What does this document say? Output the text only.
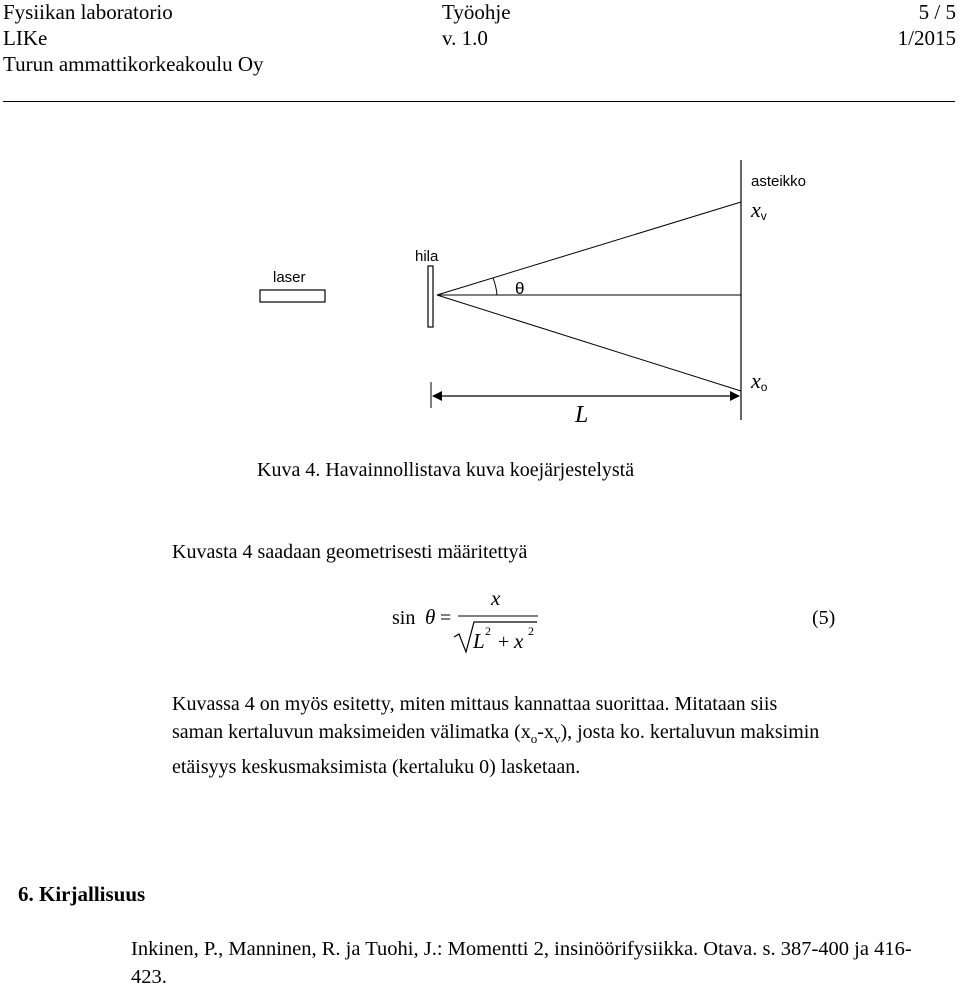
Fysiikan laboratorio
LIKe
Turun ammattikorkeakoulu Oy
Työohje
v. 1.0
5 / 5
1/2015
laser
hila
θ
asteikko
xv
xo
L
Kuva 4. Havainnollistava kuva koejärjestelystä
Kuvasta 4 saadaan geometrisesti määritettyä
sin θ =
x
L 2 + x 2
(5)

Kuvassa 4 on myös esitetty, miten mittaus kannattaa suorittaa. Mitataan siis

saman kertaluvun maksimeiden välimatka $(x_o-x_v)$, josta ko. kertaluvun maksimin

etäisyys keskusmaksimista (kertaluku 0) lasketaan.

6. Kirjallisuus
Inkinen, P., Manninen, R. ja Tuohi, J.: Momentti 2, insinöörifysiikka. Otava. s. 387-400 ja 416-423.
